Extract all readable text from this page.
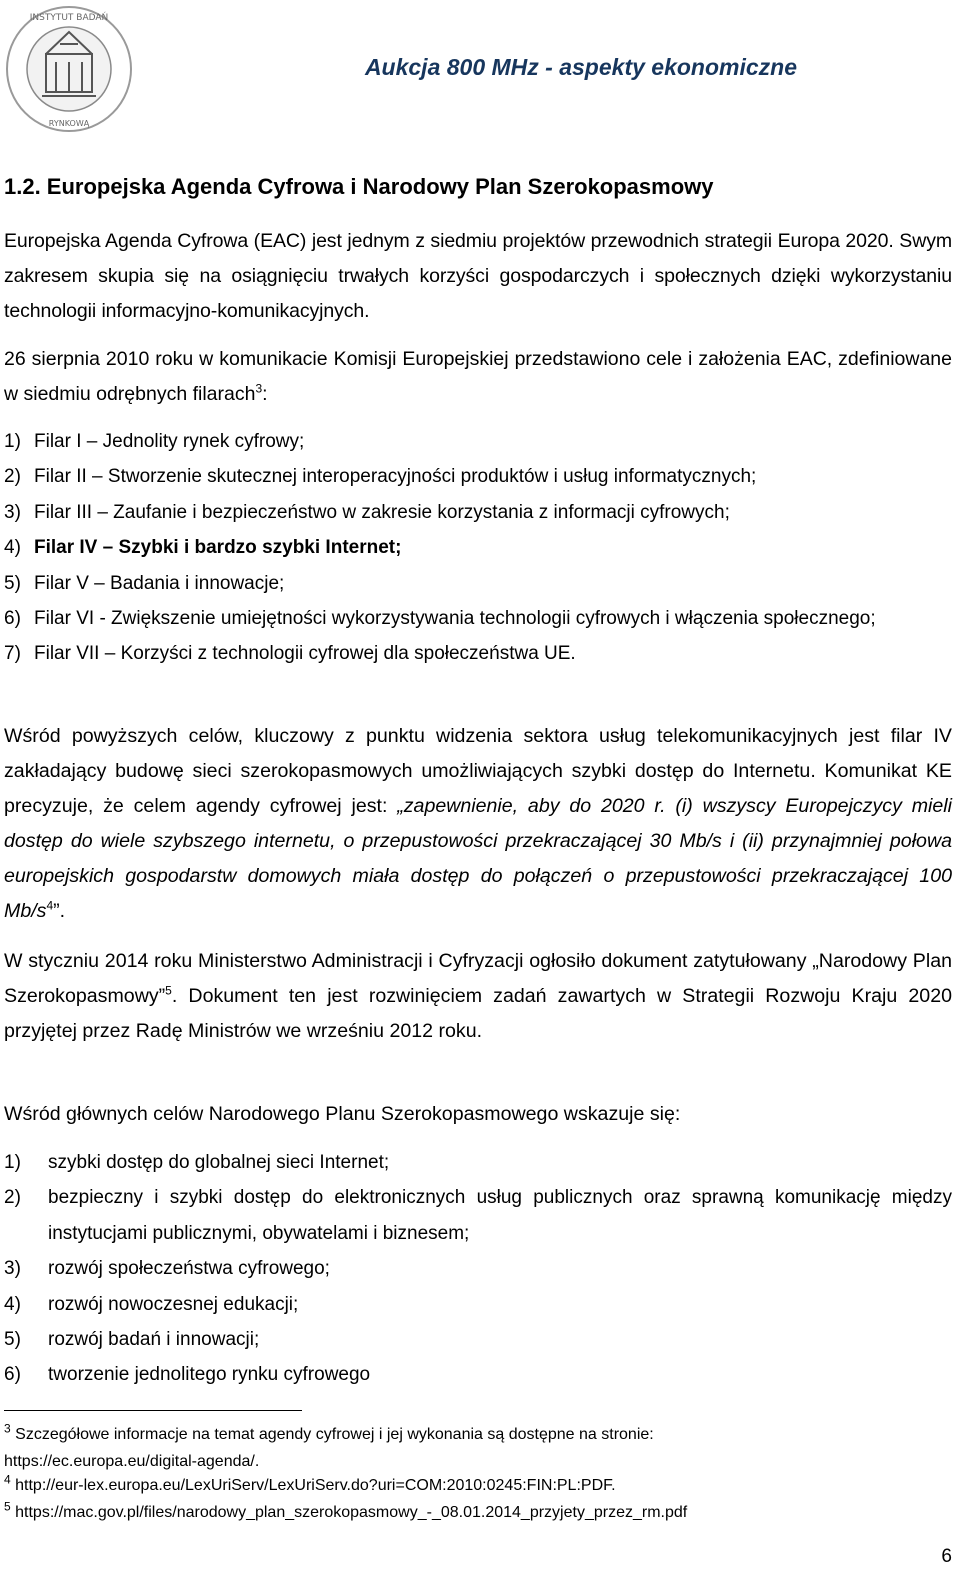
INSTYTUT BADAŃ
RYNKOWĄ
Aukcja 800 MHz - aspekty ekonomiczne
1.2. Europejska Agenda Cyfrowa i Narodowy Plan Szerokopasmowy

Europejska Agenda Cyfrowa (EAC) jest jednym z siedmiu projektów przewodnich strategii Europa 2020. Swym zakresem skupia się na osiągnięciu trwałych korzyści gospodarczych i społecznych dzięki wykorzystaniu technologii informacyjno-komunikacyjnych.

26 sierpnia 2010 roku w komunikacie Komisji Europejskiej przedstawiono cele i założenia EAC, zdefiniowane w siedmiu odrębnych filarach$^3$:

1) Filar I – Jednolity rynek cyfrowy;
2) Filar II – Stworzenie skutecznej interoperacyjności produktów i usług informatycznych;
3) Filar III – Zaufanie i bezpieczeństwo w zakresie korzystania z informacji cyfrowych;
4) Filar IV – Szybki i bardzo szybki Internet;
5) Filar V – Badania i innowacje;
6) Filar VI - Zwiększenie umiejętności wykorzystywania technologii cyfrowych i włączenia społecznego;
7) Filar VII – Korzyści z technologii cyfrowej dla społeczeństwa UE.

Wśród powyższych celów, kluczowy z punktu widzenia sektora usług telekomunikacyjnych jest filar IV zakładający budowę sieci szerokopasmowych umożliwiających szybki dostęp do Internetu. Komunikat KE precyzuje, że celem agendy cyfrowej jest: „zapewnienie, aby do 2020 r. (i) wszyscy Europejczycy mieli dostęp do wiele szybszego internetu, o przepustowości przekraczającej 30 Mb/s i (ii) przynajmniej połowa europejskich gospodarstw domowych miała dostęp do połączeń o przepustowości przekraczającej 100 $Mb/s^4$”.

W styczniu 2014 roku Ministerstwo Administracji i Cyfryzacji ogłosiło dokument zatytułowany „Narodowy Plan Szerokopasmowy”$^5$. Dokument ten jest rozwinięciem zadań zawartych w Strategii Rozwoju Kraju 2020 przyjętej przez Radę Ministrów we wrześniu 2012 roku.

Wśród głównych celów Narodowego Planu Szerokopasmowego wskazuje się:

1)	szybki dostęp do globalnej sieci Internet;
2)	bezpieczny i szybki dostęp do elektronicznych usług publicznych oraz sprawną komunikację między instytucjami publicznymi, obywatelami i biznesem;
3)	rozwój społeczeństwa cyfrowego;
4)	rozwój nowoczesnej edukacji;
5)	rozwój badań i innowacji;
6)	tworzenie jednolitego rynku cyfrowego
$^3$ Szczegółowe informacje na temat agendy cyfrowej i jej wykonania są dostępne na stronie:
https://ec.europa.eu/digital-agenda/.
$^4$ http://eur-lex.europa.eu/LexUriServ/LexUriServ.do?uri=COM:2010:0245:FIN:PL:PDF.
$^5$ https://mac.gov.pl/files/narodowy_plan_szerokopasmowy_-_08.01.2014_przyjety_przez_rm.pdf
6
